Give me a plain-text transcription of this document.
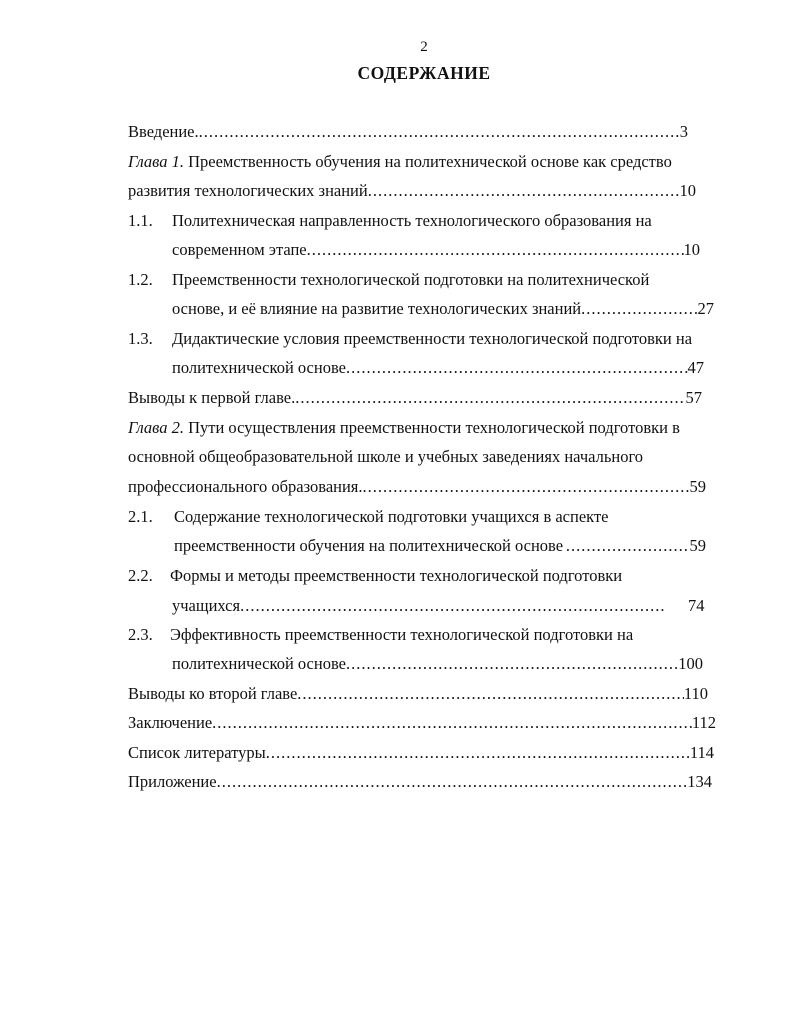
2
СОДЕРЖАНИЕ
Введение. .....	3
Глава 1. Преемственность обучения на политехнической основе как средство
развития технологических знаний .....	10
1.1. Политехническая направленность технологического образования на
современном этапе .....	10
1.2. Преемственности технологической подготовки на политехнической
основе, и её влияние на развитие технологических знаний .....	27
1.3. Дидактические условия преемственности технологической подготовки на
политехнической основе .....	47
Выводы к первой главе. .....	57
Глава 2. Пути осуществления преемственности технологической подготовки в
основной общеобразовательной школе и учебных заведениях начального
профессионального образования. .....	59
2.1. Содержание технологической подготовки учащихся в аспекте
преемственности обучения на политехнической основе .....	59
2.2. Формы и методы преемственности технологической подготовки
учащихся .....	74
2.3. Эффективность преемственности технологической подготовки на
политехнической основе .....	100
Выводы ко второй главе .....	110
Заключение .....	112
Список литературы .....	114
Приложение .....	134
